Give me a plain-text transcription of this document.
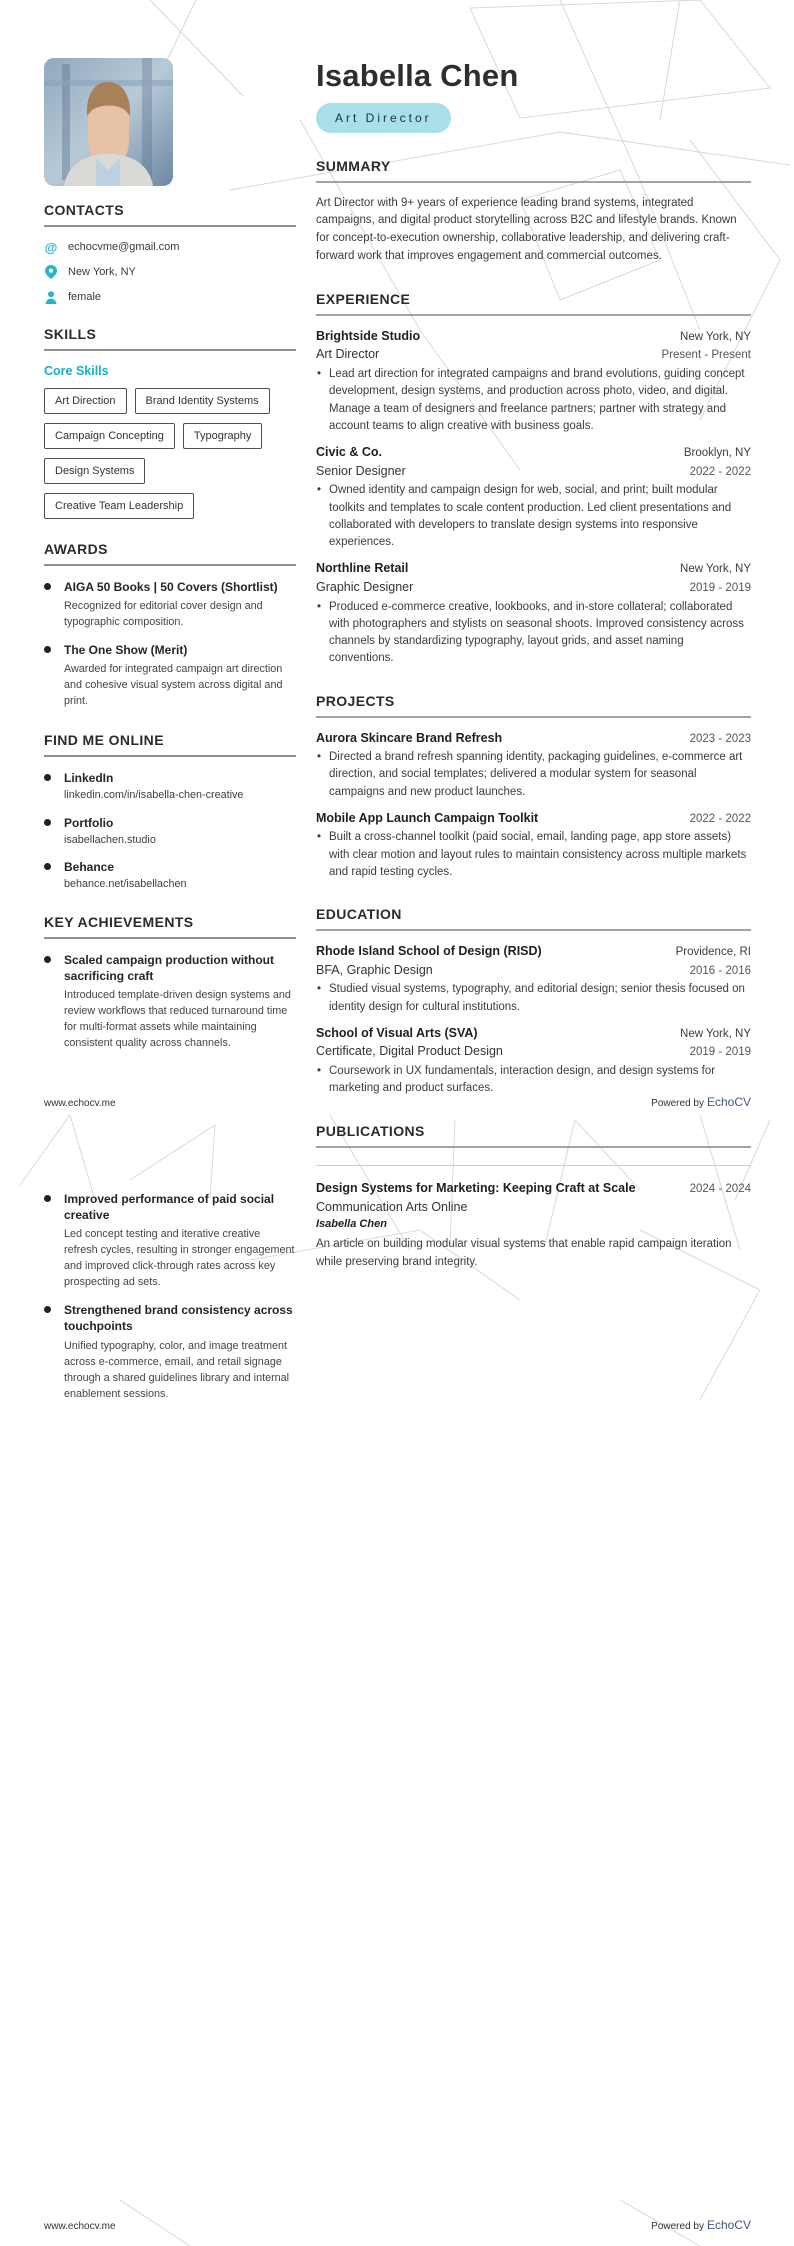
CONTACTS
@ echocvme@gmail.com
New York, NY
female
SKILLS
Core Skills
Art Direction	Brand Identity Systems
Campaign Concepting	Typography
Design Systems
Creative Team Leadership
AWARDS
AIGA 50 Books | 50 Covers (Shortlist)
Recognized for editorial cover design and typographic composition.
The One Show (Merit)
Awarded for integrated campaign art direction and cohesive visual system across digital and print.
FIND ME ONLINE
LinkedIn
linkedin.com/in/isabella-chen-creative
Portfolio
isabellachen.studio
Behance
behance.net/isabellachen
KEY ACHIEVEMENTS
Scaled campaign production without sacrificing craft
Introduced template-driven design systems and review workflows that reduced turnaround time for multi-format assets while maintaining consistent quality across channels.
Isabella Chen
Art Director
SUMMARY

Art Director with 9+ years of experience leading brand systems, integrated campaigns, and digital product storytelling across B2C and lifestyle brands. Known for concept-to-execution ownership, collaborative leadership, and delivering craft-forward work that improves engagement and commercial outcomes.

EXPERIENCE
Brightside Studio	New York, NY
Art Director	Present - Present
• Lead art direction for integrated campaigns and brand evolutions, guiding concept development, design systems, and production across photo, video, and digital. Manage a team of designers and freelance partners; partner with strategy and account teams to align creative with business goals.
Civic & Co.	Brooklyn, NY
Senior Designer	2022 - 2022
• Owned identity and campaign design for web, social, and print; built modular toolkits and templates to scale content production. Led client presentations and collaborated with developers to translate design systems into responsive experiences.
Northline Retail	New York, NY
Graphic Designer	2019 - 2019
• Produced e-commerce creative, lookbooks, and in-store collateral; collaborated with photographers and stylists on seasonal shoots. Improved consistency across channels by standardizing typography, layout grids, and asset naming conventions.
PROJECTS
Aurora Skincare Brand Refresh	2023 - 2023
• Directed a brand refresh spanning identity, packaging guidelines, e-commerce art direction, and social templates; delivered a modular system for seasonal campaigns and new product launches.
Mobile App Launch Campaign Toolkit	2022 - 2022
• Built a cross-channel toolkit (paid social, email, landing page, app store assets) with clear motion and layout rules to maintain consistency across multiple markets and rapid testing cycles.
EDUCATION
Rhode Island School of Design (RISD)	Providence, RI
BFA, Graphic Design	2016 - 2016
• Studied visual systems, typography, and editorial design; senior thesis focused on identity design for cultural institutions.
School of Visual Arts (SVA)	New York, NY
Certificate, Digital Product Design	2019 - 2019
• Coursework in UX fundamentals, interaction design, and design systems for marketing and product surfaces.
PUBLICATIONS
www.echocv.me	Powered by EchoCV
Improved performance of paid social creative
Led concept testing and iterative creative refresh cycles, resulting in stronger engagement and improved click-through rates across key prospecting ad sets.
Strengthened brand consistency across touchpoints
Unified typography, color, and image treatment across e-commerce, email, and retail signage through a shared guidelines library and internal enablement sessions.
Design Systems for Marketing: Keeping Craft at Scale	2024 - 2024
Communication Arts Online
Isabella Chen

An article on building modular visual systems that enable rapid campaign iteration while preserving brand integrity.

www.echocv.me	Powered by EchoCV
